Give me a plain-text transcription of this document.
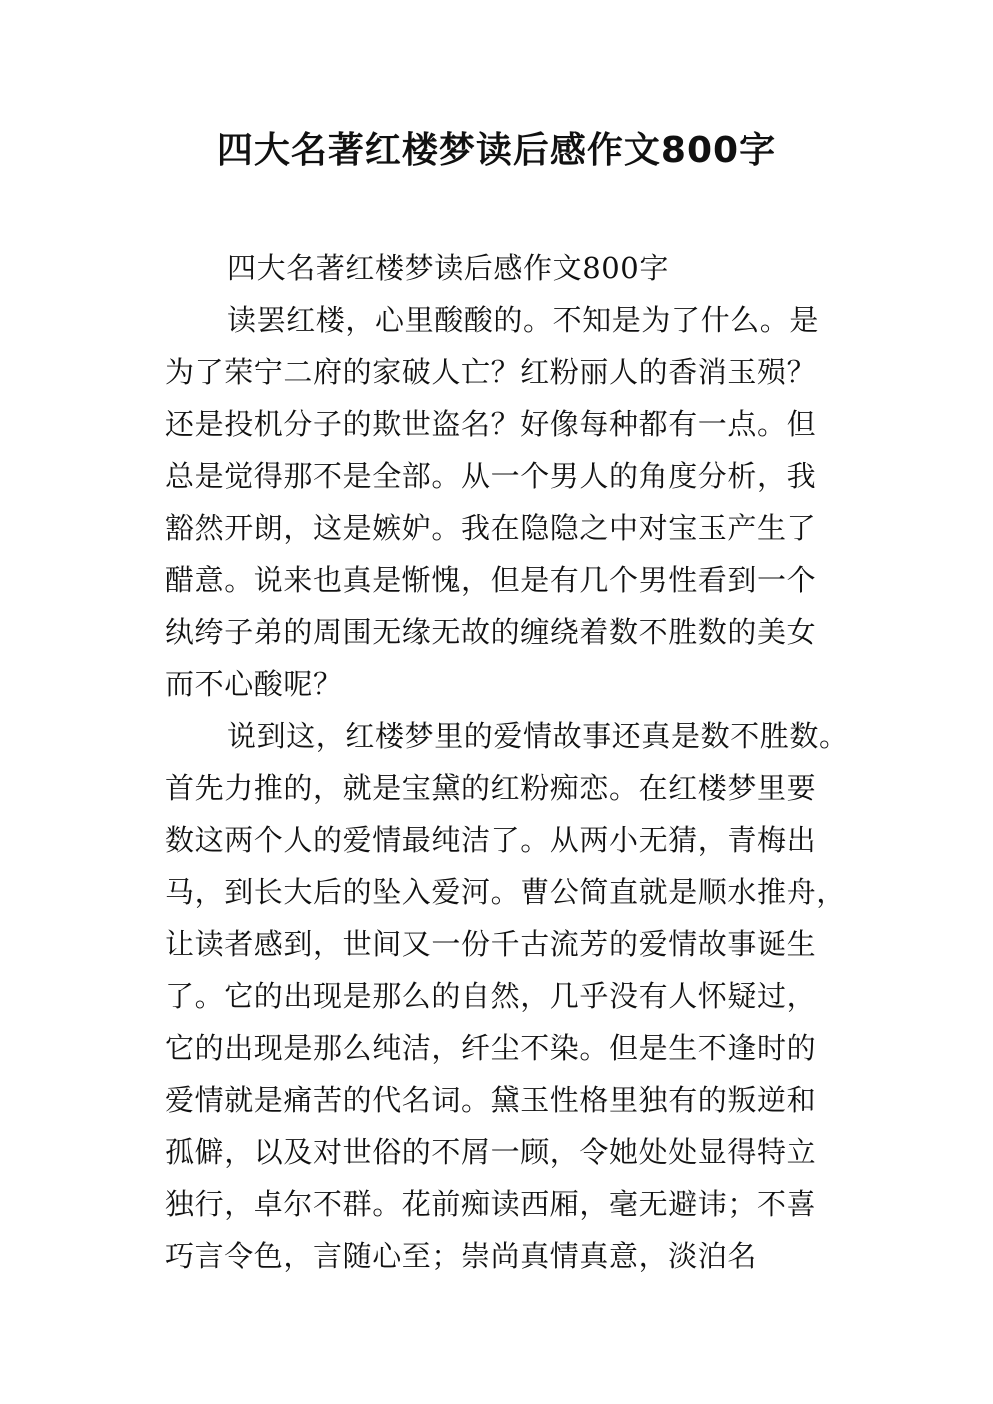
四大名著红楼梦读后感作文800字
四大名著红楼梦读后感作文800字
读罢红楼，心里酸酸的。不知是为了什么。是
为了荣宁二府的家破人亡？红粉丽人的香消玉殒？
还是投机分子的欺世盗名？好像每种都有一点。但
总是觉得那不是全部。从一个男人的角度分析，我
豁然开朗，这是嫉妒。我在隐隐之中对宝玉产生了
醋意。说来也真是惭愧，但是有几个男性看到一个
纨绔子弟的周围无缘无故的缠绕着数不胜数的美女
而不心酸呢？
说到这，红楼梦里的爱情故事还真是数不胜数。
首先力推的，就是宝黛的红粉痴恋。在红楼梦里要
数这两个人的爱情最纯洁了。从两小无猜，青梅出
马，到长大后的坠入爱河。曹公简直就是顺水推舟，
让读者感到，世间又一份千古流芳的爱情故事诞生
了。它的出现是那么的自然，几乎没有人怀疑过，
它的出现是那么纯洁，纤尘不染。但是生不逢时的
爱情就是痛苦的代名词。黛玉性格里独有的叛逆和
孤僻，以及对世俗的不屑一顾，令她处处显得特立
独行，卓尔不群。花前痴读西厢，毫无避讳；不喜
巧言令色，言随心至；崇尚真情真意，淡泊名
